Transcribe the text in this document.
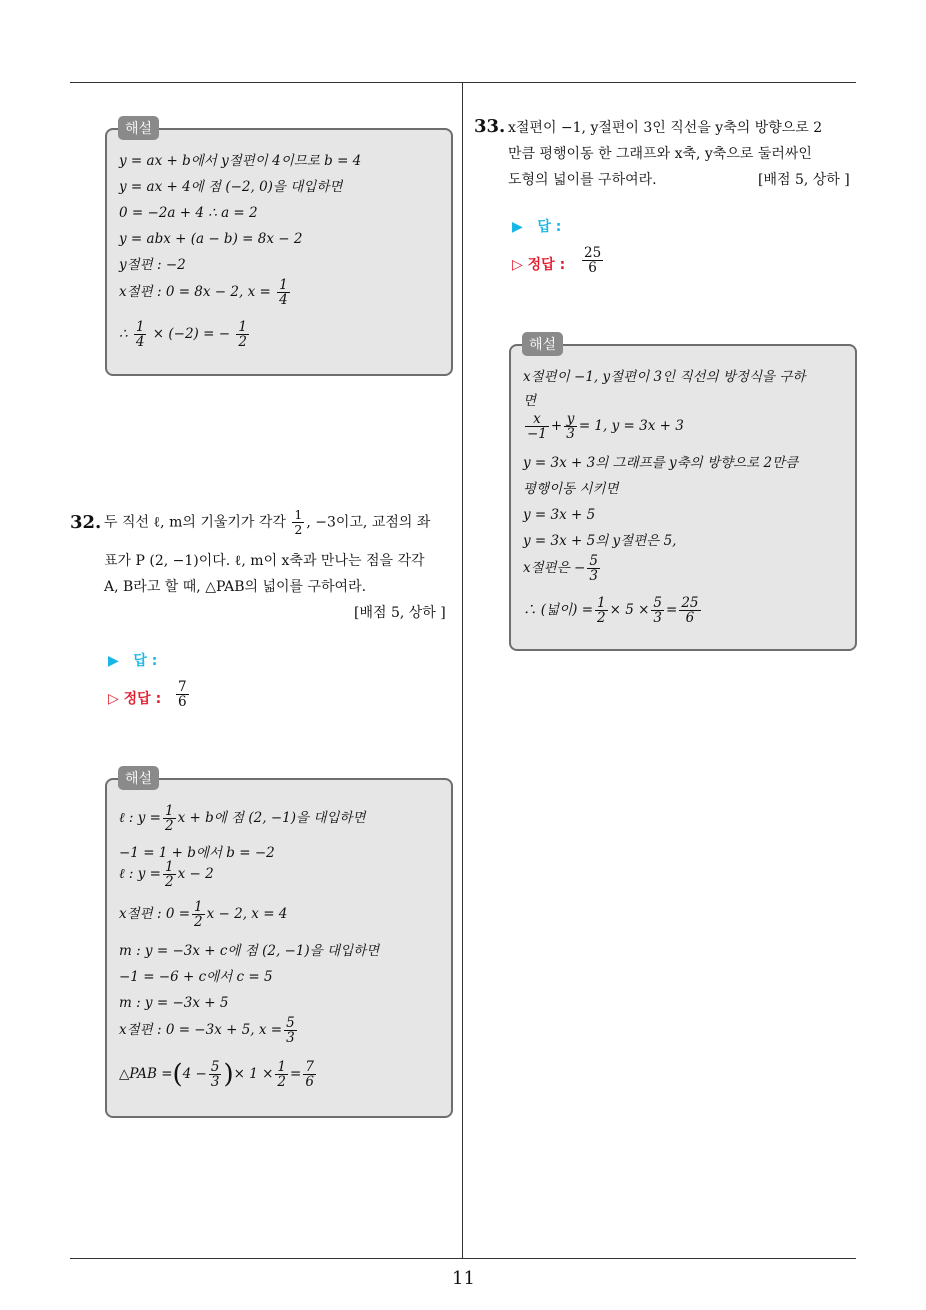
y = ax + b에서 y절편이 4이므로 b = 4
y = ax + 4에 점 (−2, 0)을 대입하면
0 = −2a + 4 ∴ a = 2
y = abx + (a − b) = 8x − 2
y절편 : −2
x절편 : 0 = 8x − 2, $x = \frac{1}{4}$
∴ $\frac{1}{4} \times (-2)$ = − $\frac{1}{2}$
해설
32. 두 직선 ℓ, m의 기울기가 각각 $\frac{1}{2}$ , −3이고, 교점의 좌
표가 P (2, −1)이다. ℓ, m이 x축과 만나는 점을 각각
A, B라고 할 때, △PAB의 넓이를 구하여라.
[배점 5, 상하 ]
▶ 답 :
▷ 정답 : $\frac{7}{6}$
ℓ : $y = \frac{1}{2}$ x + b에 점 (2, −1)을 대입하면
−1 = 1 + b에서 b = −2
ℓ : $y = \frac{1}{2}$ x − 2
x절편 : $0 = \frac{1}{2}$ x − 2, x = 4
m : y = −3x + c에 점 (2, −1)을 대입하면
−1 = −6 + c에서 c = 5
m : y = −3x + 5
x절편 : 0 = −3x + 5, $x = \frac{5}{3}$
△PAB $=(4 - \frac{5}{3}$ )× $1 \times \frac{1}{2} = \frac{7}{6}$
해설
33. x절편이 −1, y절편이 3인 직선을 y축의 방향으로 2
만큼 평행이동 한 그래프와 x축, y축으로 둘러싸인
도형의 넓이를 구하여라.	[배점 5, 상하 ]
▶ 답 :
▷ 정답 : $\frac{25}{6}$
x절편이 −1, y절편이 3인 직선의 방정식을 구하
면
$\frac{x}{-1} + \frac{y}{3} = 1$, y = 3x + 3
y = 3x + 3의 그래프를 y축의 방향으로 2만큼
평행이동 시키면
y = 3x + 5
y = 3x + 5의 y절편은 5,
x절편은 − $\frac{5}{3}$
∴ (넓이) = $\frac{1}{2} \times 5 \times \frac{5}{3} = \frac{25}{6}$
해설
11
